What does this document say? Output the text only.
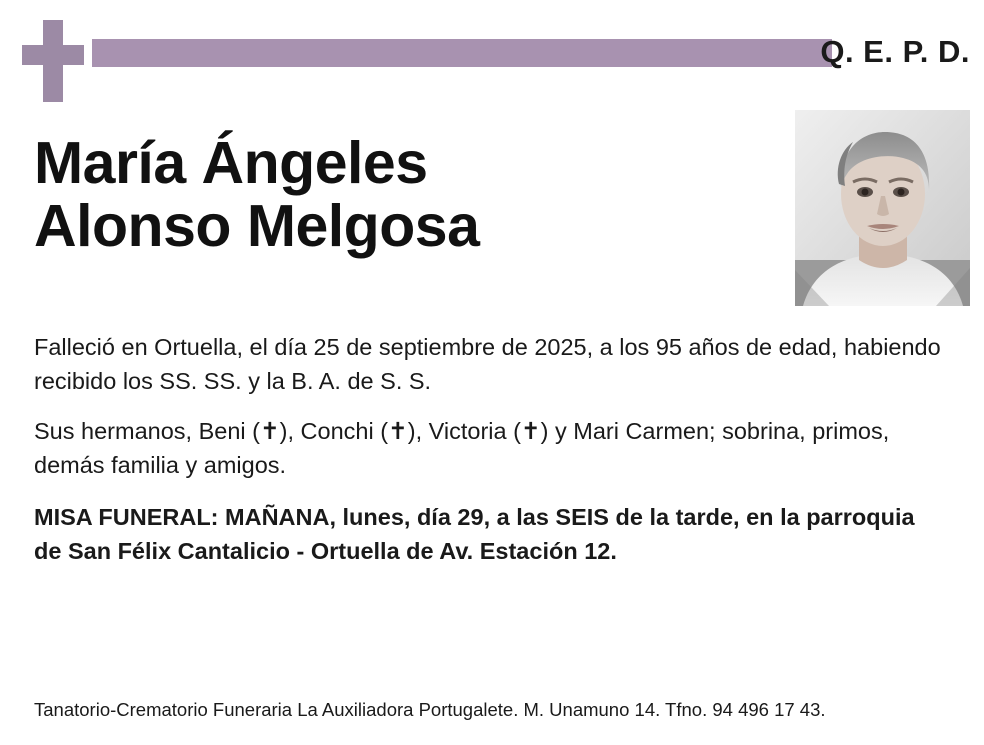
Q. E. P. D.
María Ángeles
Alonso Melgosa

Falleció en Ortuella, el día 25 de septiembre de 2025, a los 95 años de edad, habiendo recibido los SS. SS. y la B. A. de S. S.

Sus hermanos, Beni (✝), Conchi (✝), Victoria (✝) y Mari Carmen; sobrina, primos, demás familia y amigos.

MISA FUNERAL: MAÑANA, lunes, día 29, a las SEIS de la tarde, en la parroquia de San Félix Cantalicio - Ortuella de Av. Estación 12.

Tanatorio-Crematorio Funeraria La Auxiliadora Portugalete. M. Unamuno 14. Tfno. 94 496 17 43.
